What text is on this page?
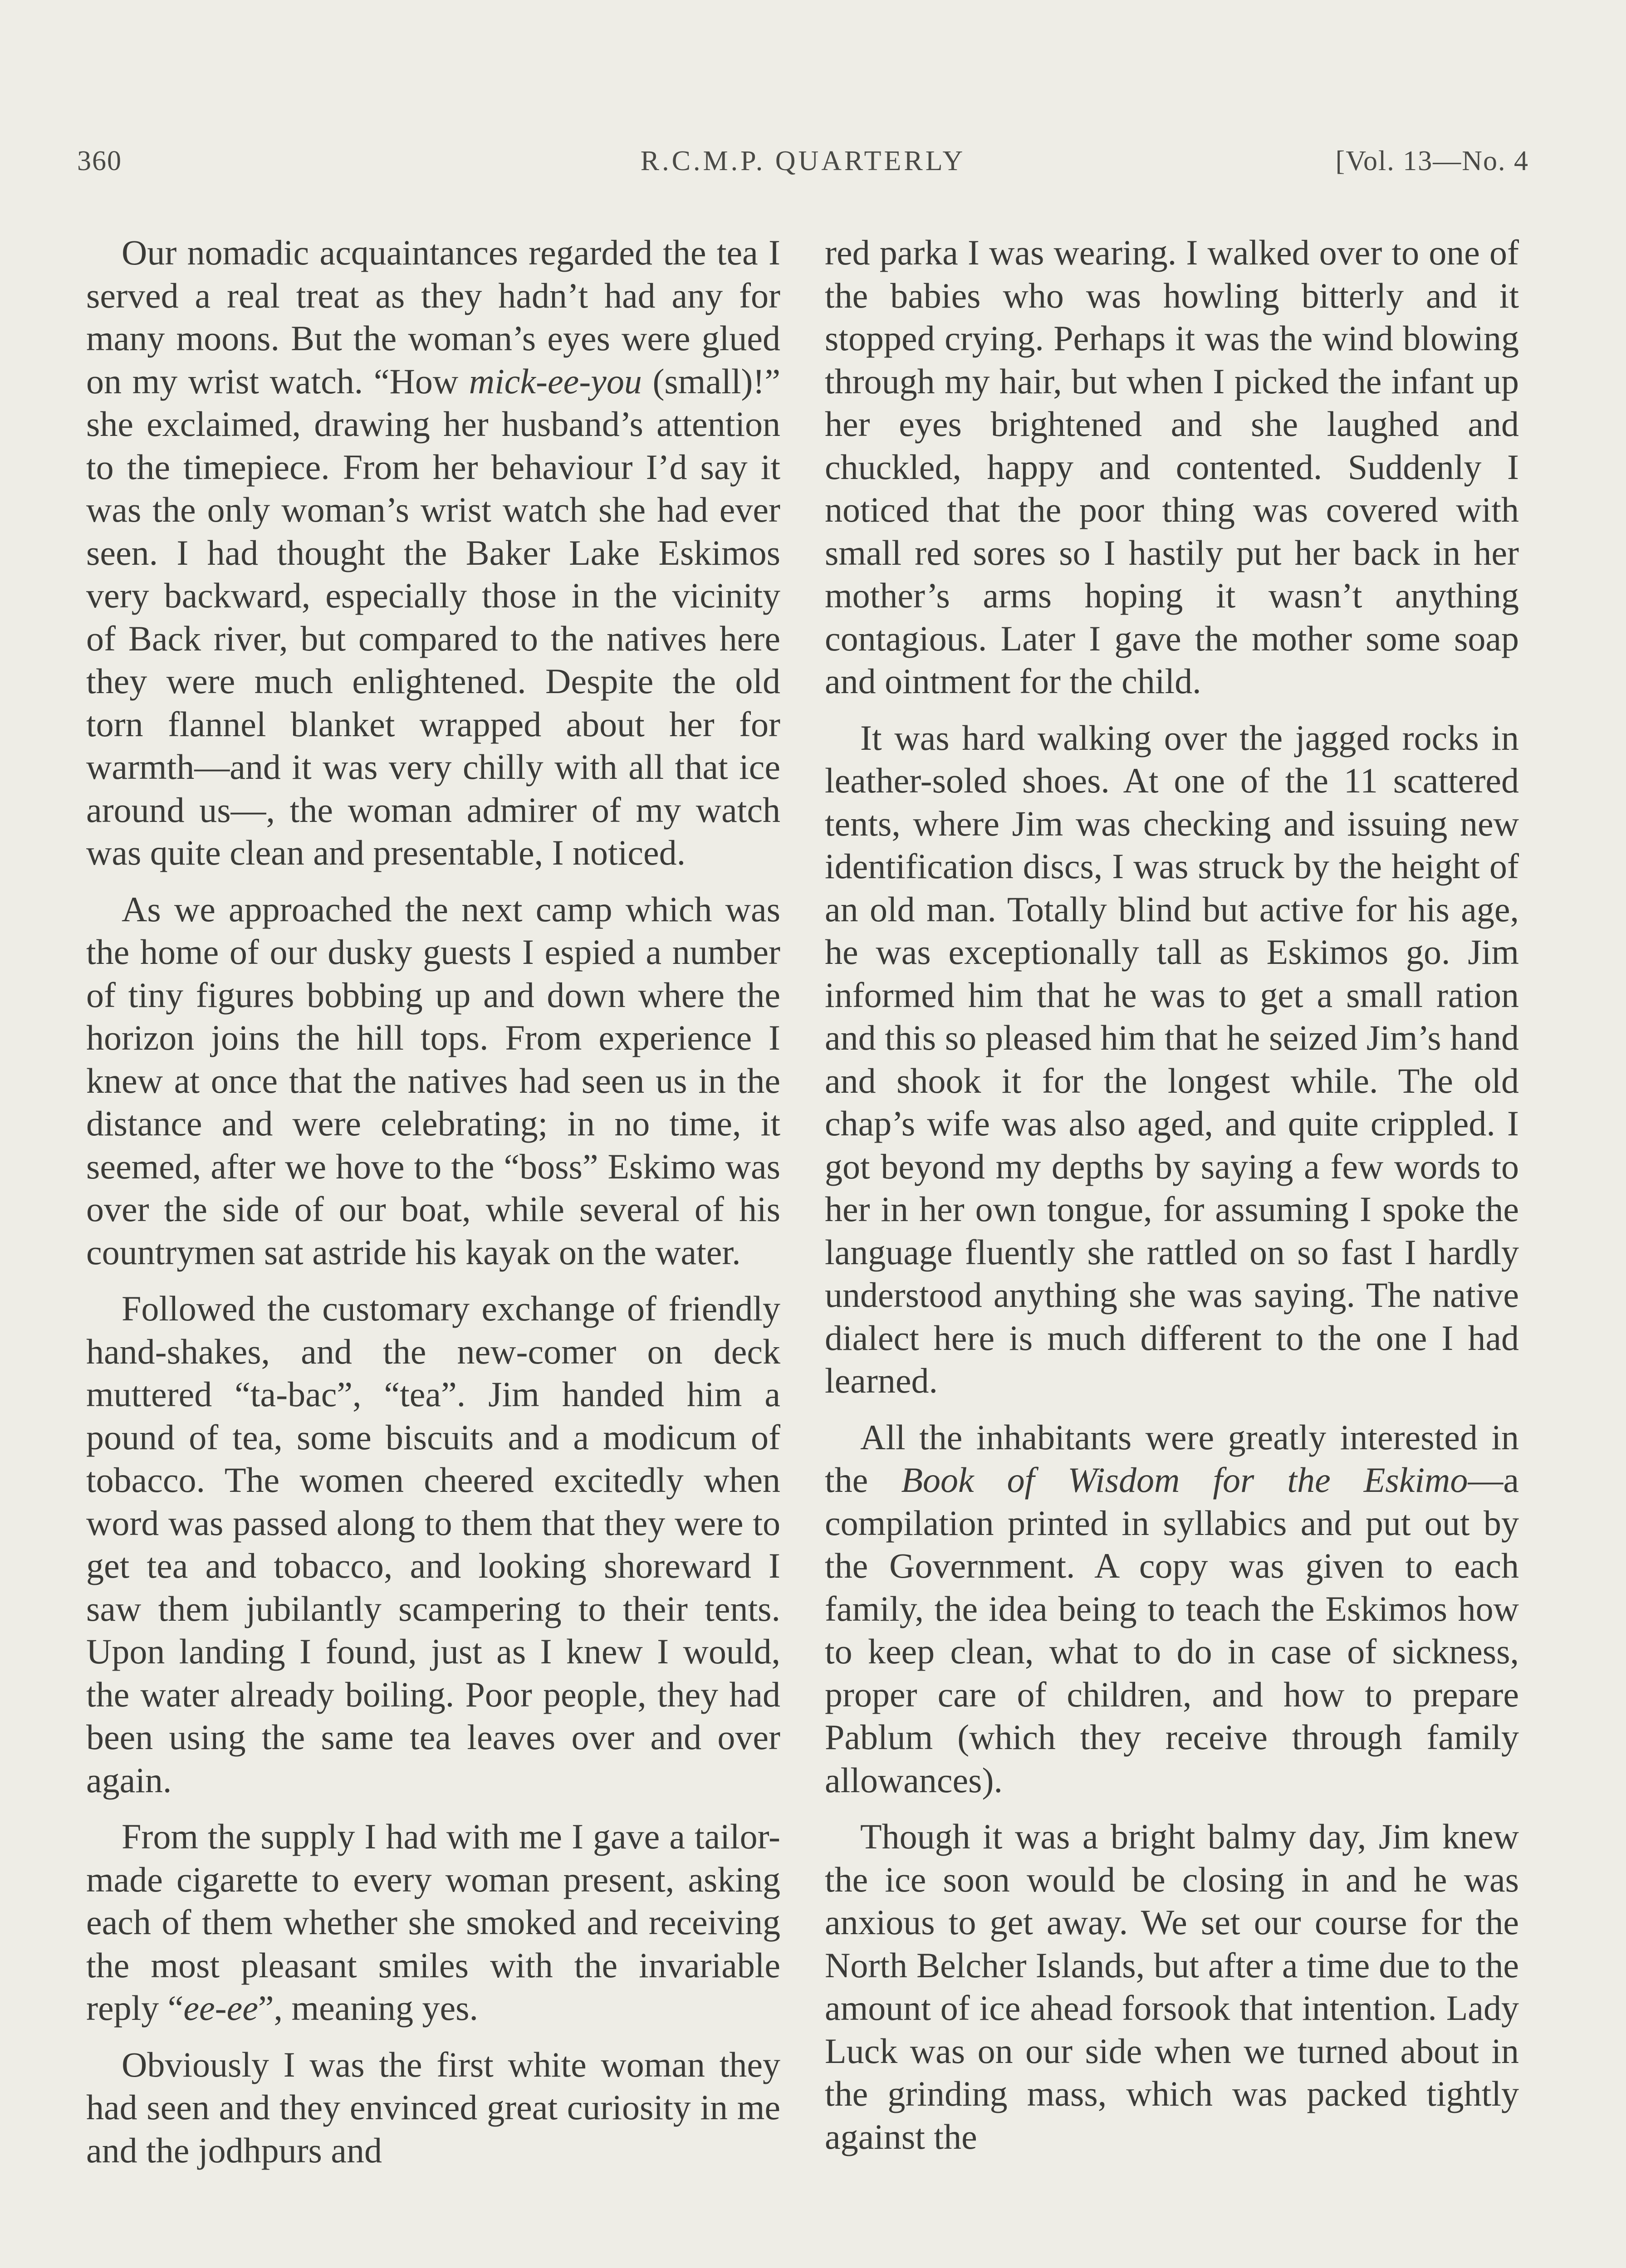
360	R.C.M.P. QUARTERLY	[Vol. 13—No. 4

Our nomadic acquaintances regarded the tea I served a real treat as they hadn’t had any for many moons. But the woman’s eyes were glued on my wrist watch. “How mick-ee-you (small)!” she exclaimed, drawing her husband’s attention to the timepiece. From her behaviour I’d say it was the only woman’s wrist watch she had ever seen. I had thought the Baker Lake Eskimos very backward, especially those in the vicinity of Back river, but compared to the natives here they were much enlightened. Despite the old torn flannel blanket wrapped about her for warmth—and it was very chilly with all that ice around us—, the woman admirer of my watch was quite clean and presentable, I noticed.

As we approached the next camp which was the home of our dusky guests I espied a number of tiny figures bobbing up and down where the horizon joins the hill tops. From experience I knew at once that the natives had seen us in the distance and were celebrating; in no time, it seemed, after we hove to the “boss” Eskimo was over the side of our boat, while several of his countrymen sat astride his kayak on the water.

Followed the customary exchange of friendly hand-shakes, and the new-comer on deck muttered “ta-bac”, “tea”. Jim handed him a pound of tea, some biscuits and a modicum of tobacco. The women cheered excitedly when word was passed along to them that they were to get tea and tobacco, and looking shoreward I saw them jubilantly scampering to their tents. Upon landing I found, just as I knew I would, the water already boiling. Poor people, they had been using the same tea leaves over and over again.

From the supply I had with me I gave a tailor-made cigarette to every woman present, asking each of them whether she smoked and receiving the most pleasant smiles with the invariable reply “ee-ee”, meaning yes.

Obviously I was the first white woman they had seen and they envinced great curiosity in me and the jodhpurs and

red parka I was wearing. I walked over to one of the babies who was howling bitterly and it stopped crying. Perhaps it was the wind blowing through my hair, but when I picked the infant up her eyes brightened and she laughed and chuckled, happy and contented. Suddenly I noticed that the poor thing was covered with small red sores so I hastily put her back in her mother’s arms hoping it wasn’t anything contagious. Later I gave the mother some soap and ointment for the child.

It was hard walking over the jagged rocks in leather-soled shoes. At one of the 11 scattered tents, where Jim was checking and issuing new identification discs, I was struck by the height of an old man. Totally blind but active for his age, he was exceptionally tall as Eskimos go. Jim informed him that he was to get a small ration and this so pleased him that he seized Jim’s hand and shook it for the longest while. The old chap’s wife was also aged, and quite crippled. I got beyond my depths by saying a few words to her in her own tongue, for assuming I spoke the language fluently she rattled on so fast I hardly understood anything she was saying. The native dialect here is much different to the one I had learned.

All the inhabitants were greatly interested in the Book of Wisdom for the Eskimo—a compilation printed in syllabics and put out by the Government. A copy was given to each family, the idea being to teach the Eskimos how to keep clean, what to do in case of sickness, proper care of children, and how to prepare Pablum (which they receive through family allowances).

Though it was a bright balmy day, Jim knew the ice soon would be closing in and he was anxious to get away. We set our course for the North Belcher Islands, but after a time due to the amount of ice ahead forsook that intention. Lady Luck was on our side when we turned about in the grinding mass, which was packed tightly against the
